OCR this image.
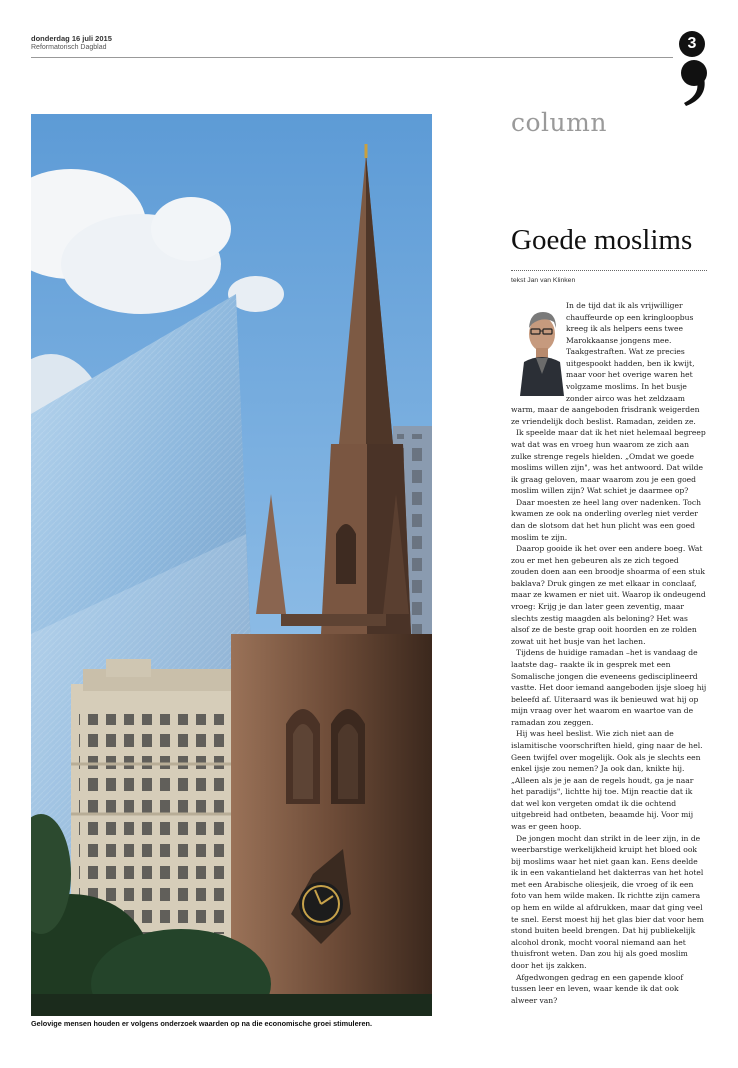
donderdag 16 juli 2015
Reformatorisch Dagblad	3
Gelovige mensen houden er volgens onderzoek waarden op na die economische groei stimuleren.
column
Goede moslims
tekst Jan van Klinken

In de tijd dat ik als vrijwilliger chauffeurde op een kringloopbus kreeg ik als helpers eens twee Marokkaanse jongens mee. Taakgestraften. Wat ze precies uitgespookt hadden, ben ik kwijt, maar voor het overige waren het volgzame moslims. In het busje zonder airco was het zeldzaam warm, maar de aangeboden frisdrank weigerden ze vriendelijk doch beslist. Ramadan, zeiden ze.

Ik speelde maar dat ik het niet helemaal begreep wat dat was en vroeg hun waarom ze zich aan zulke strenge regels hielden. „Omdat we goede moslims willen zijn", was het antwoord. Dat wilde ik graag geloven, maar waarom zou je een goed moslim willen zijn? Wat schiet je daarmee op?

Daar moesten ze heel lang over nadenken. Toch kwamen ze ook na onderling overleg niet verder dan de slotsom dat het hun plicht was een goed moslim te zijn.

Daarop gooide ik het over een andere boeg. Wat zou er met hen gebeuren als ze zich tegoed zouden doen aan een broodje shoarma of een stuk baklava? Druk gingen ze met elkaar in conclaaf, maar ze kwamen er niet uit. Waarop ik ondeugend vroeg: Krijg je dan later geen zeventig, maar slechts zestig maagden als beloning? Het was alsof ze de beste grap ooit hoorden en ze rolden zowat uit het busje van het lachen.

Tijdens de huidige ramadan –het is vandaag de laatste dag– raakte ik in gesprek met een Somalische jongen die eveneens gedisciplineerd vastte. Het door iemand aangeboden ijsje sloeg hij beleefd af. Uiteraard was ik benieuwd wat hij op mijn vraag over het waarom en waartoe van de ramadan zou zeggen.

Hij was heel beslist. Wie zich niet aan de islamitische voorschriften hield, ging naar de hel. Geen twijfel over mogelijk. Ook als je slechts een enkel ijsje zou nemen? Ja ook dan, knikte hij. „Alleen als je je aan de regels houdt, ga je naar het paradijs", lichtte hij toe. Mijn reactie dat ik dat wel kon vergeten omdat ik die ochtend uitgebreid had ontbeten, beaamde hij. Voor mij was er geen hoop.

De jongen mocht dan strikt in de leer zijn, in de weerbarstige werkelijkheid kruipt het bloed ook bij moslims waar het niet gaan kan. Eens deelde ik in een vakantieland het dakterras van het hotel met een Arabische oliesjeik, die vroeg of ik een foto van hem wilde maken. Ik richtte zijn camera op hem en wilde al afdrukken, maar dat ging veel te snel. Eerst moest hij het glas bier dat voor hem stond buiten beeld brengen. Dat hij publiekelijk alcohol dronk, mocht vooral niemand aan het thuisfront weten. Dan zou hij als goed moslim door het ijs zakken.

Afgedwongen gedrag en een gapende kloof tussen leer en leven, waar kende ik dat ook alweer van?
